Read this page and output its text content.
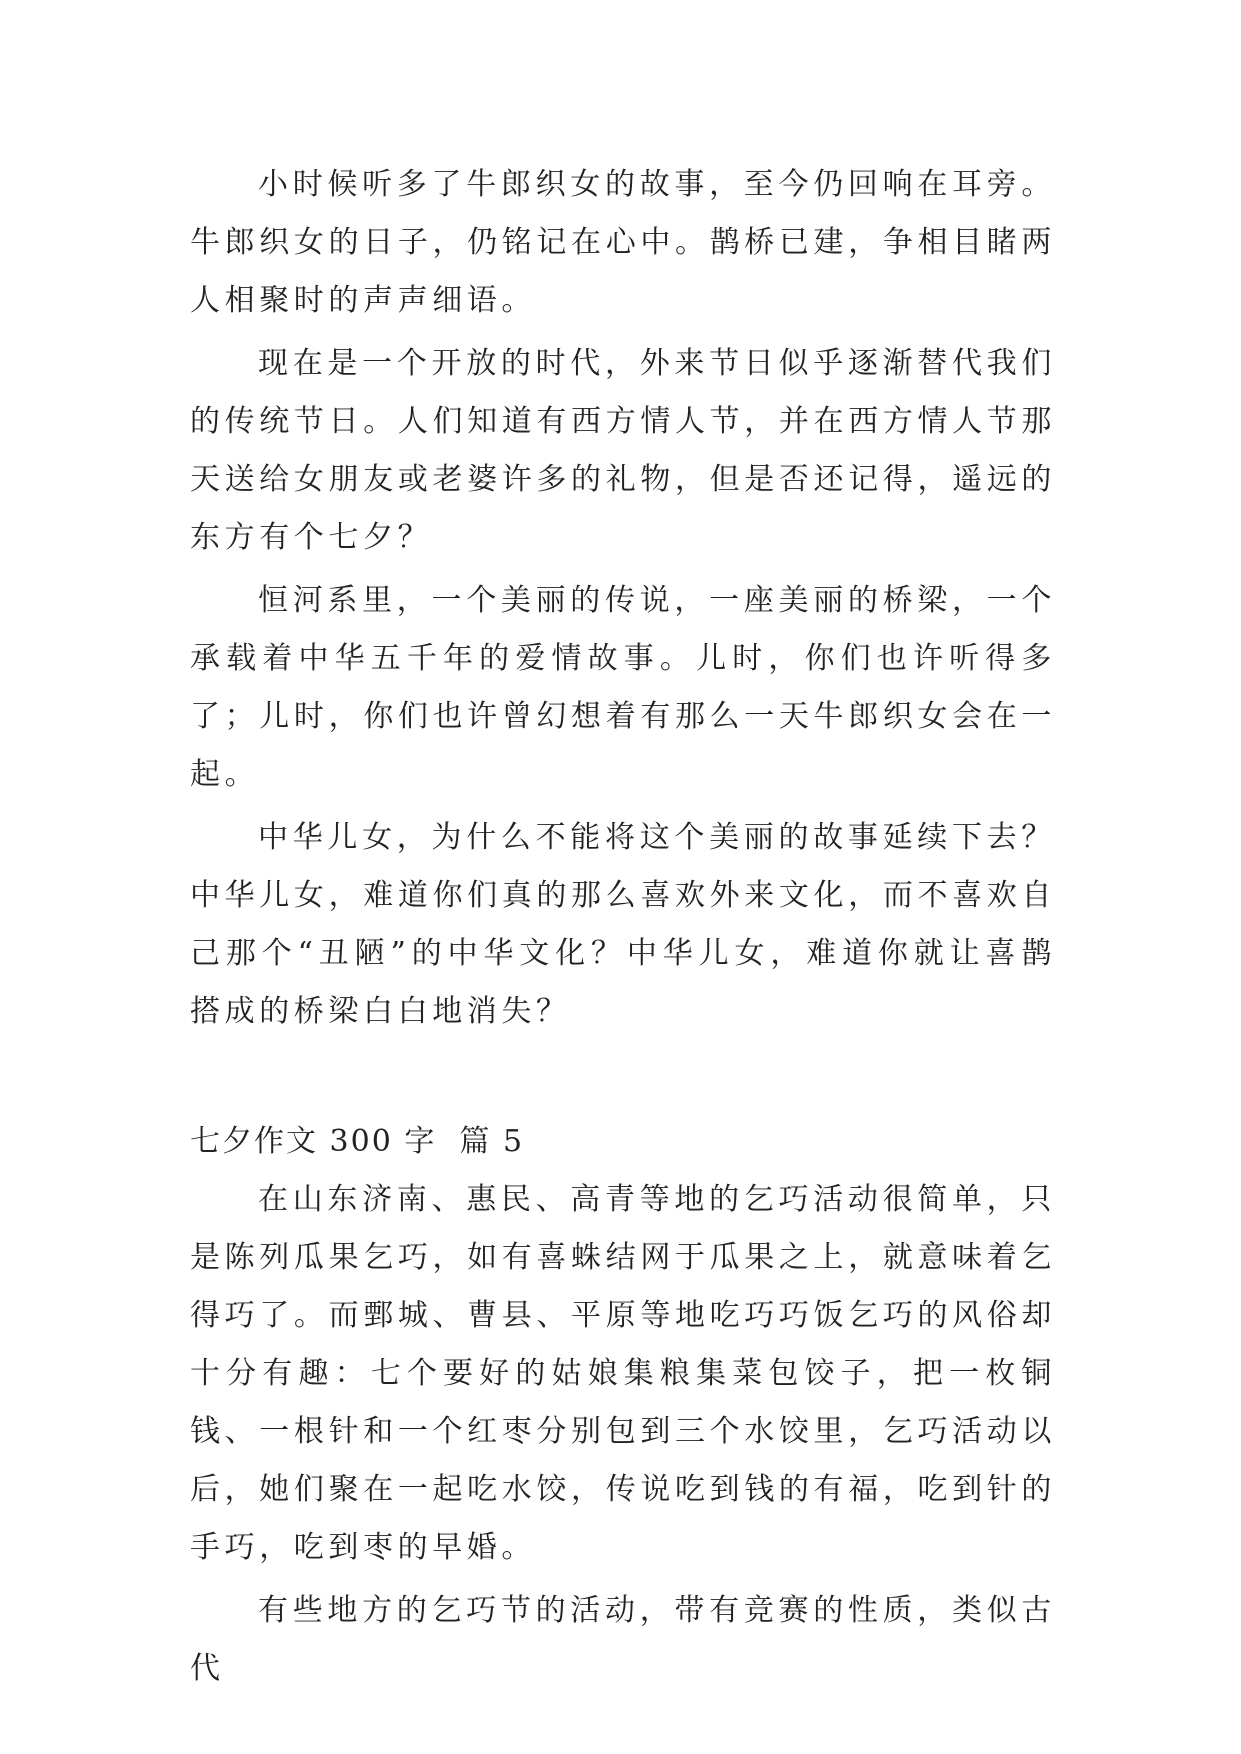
小时候听多了牛郎织女的故事，至今仍回响在耳旁。牛郎织女的日子，仍铭记在心中。鹊桥已建，争相目睹两人相聚时的声声细语。

现在是一个开放的时代，外来节日似乎逐渐替代我们的传统节日。人们知道有西方情人节，并在西方情人节那天送给女朋友或老婆许多的礼物，但是否还记得，遥远的东方有个七夕？

恒河系里，一个美丽的传说，一座美丽的桥梁，一个承载着中华五千年的爱情故事。儿时，你们也许听得多了；儿时，你们也许曾幻想着有那么一天牛郎织女会在一起。

中华儿女，为什么不能将这个美丽的故事延续下去？中华儿女，难道你们真的那么喜欢外来文化，而不喜欢自己那个“丑陋”的中华文化？中华儿女，难道你就让喜鹊搭成的桥梁白白地消失？

七夕作文 300 字  篇 5

在山东济南、惠民、高青等地的乞巧活动很简单，只是陈列瓜果乞巧，如有喜蛛结网于瓜果之上，就意味着乞得巧了。而鄄城、曹县、平原等地吃巧巧饭乞巧的风俗却十分有趣：七个要好的姑娘集粮集菜包饺子，把一枚铜钱、一根针和一个红枣分别包到三个水饺里，乞巧活动以后，她们聚在一起吃水饺，传说吃到钱的有福，吃到针的手巧，吃到枣的早婚。

有些地方的乞巧节的活动，带有竞赛的性质，类似古代
